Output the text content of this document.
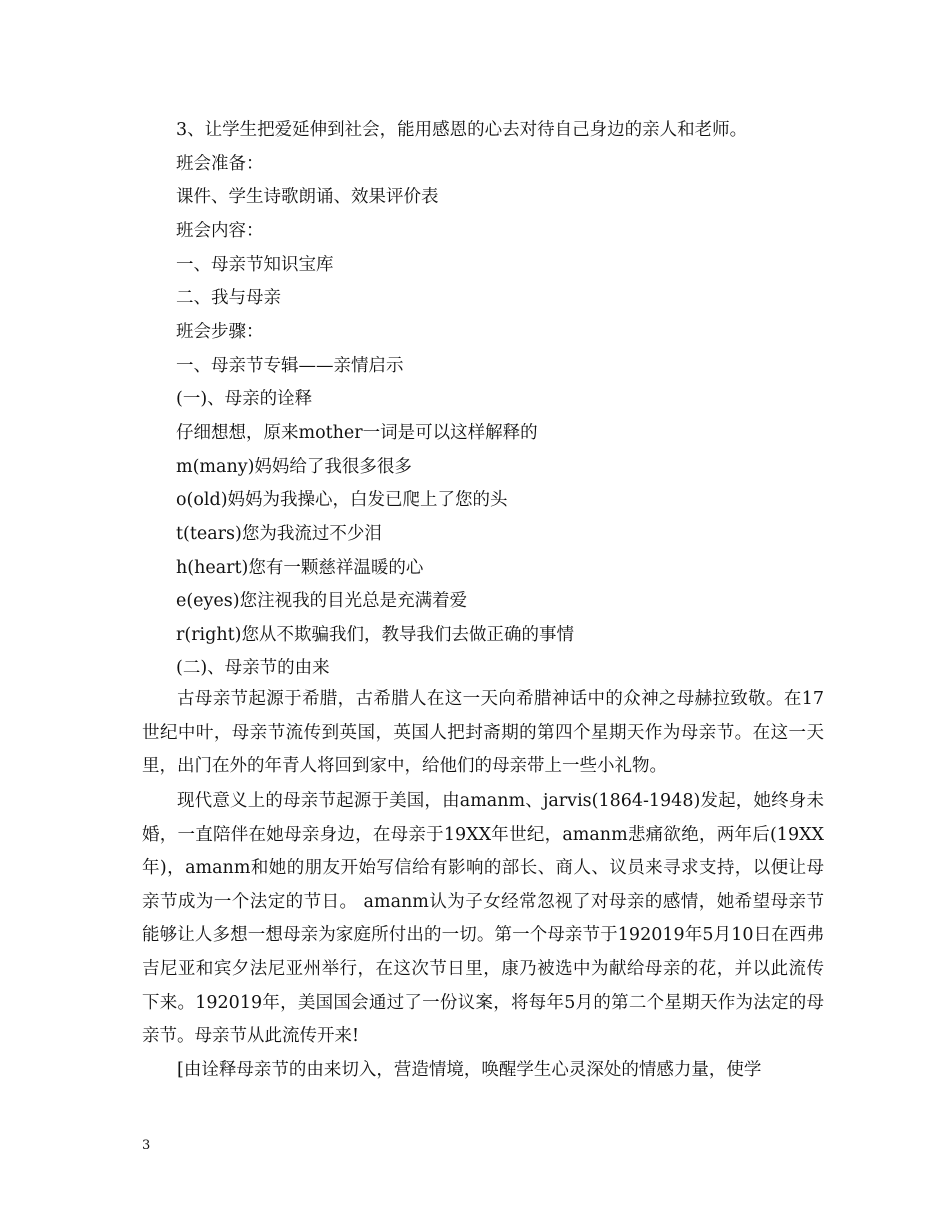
3、让学生把爱延伸到社会，能用感恩的心去对待自己身边的亲人和老师。
班会准备：
课件、学生诗歌朗诵、效果评价表
班会内容：
一、母亲节知识宝库
二、我与母亲
班会步骤：
一、母亲节专辑——亲情启示
(一)、母亲的诠释
仔细想想，原来mother一词是可以这样解释的
m(many)妈妈给了我很多很多
o(old)妈妈为我操心，白发已爬上了您的头
t(tears)您为我流过不少泪
h(heart)您有一颗慈祥温暖的心
e(eyes)您注视我的目光总是充满着爱
r(right)您从不欺骗我们，教导我们去做正确的事情
(二)、母亲节的由来
古母亲节起源于希腊，古希腊人在这一天向希腊神话中的众神之母赫拉致敬。在17世纪中叶，母亲节流传到英国，英国人把封斋期的第四个星期天作为母亲节。在这一天里，出门在外的年青人将回到家中，给他们的母亲带上一些小礼物。
现代意义上的母亲节起源于美国，由amanm、jarvis(1864-1948)发起，她终身未婚，一直陪伴在她母亲身边，在母亲于19XX年世纪，amanm悲痛欲绝，两年后(19XX年)，amanm和她的朋友开始写信给有影响的部长、商人、议员来寻求支持，以便让母亲节成为一个法定的节日。 amanm认为子女经常忽视了对母亲的感情，她希望母亲节能够让人多想一想母亲为家庭所付出的一切。第一个母亲节于192019年5月10日在西弗吉尼亚和宾夕法尼亚州举行，在这次节日里，康乃被选中为献给母亲的花，并以此流传下来。192019年，美国国会通过了一份议案，将每年5月的第二个星期天作为法定的母亲节。母亲节从此流传开来!
[由诠释母亲节的由来切入，营造情境，唤醒学生心灵深处的情感力量，使学
3
